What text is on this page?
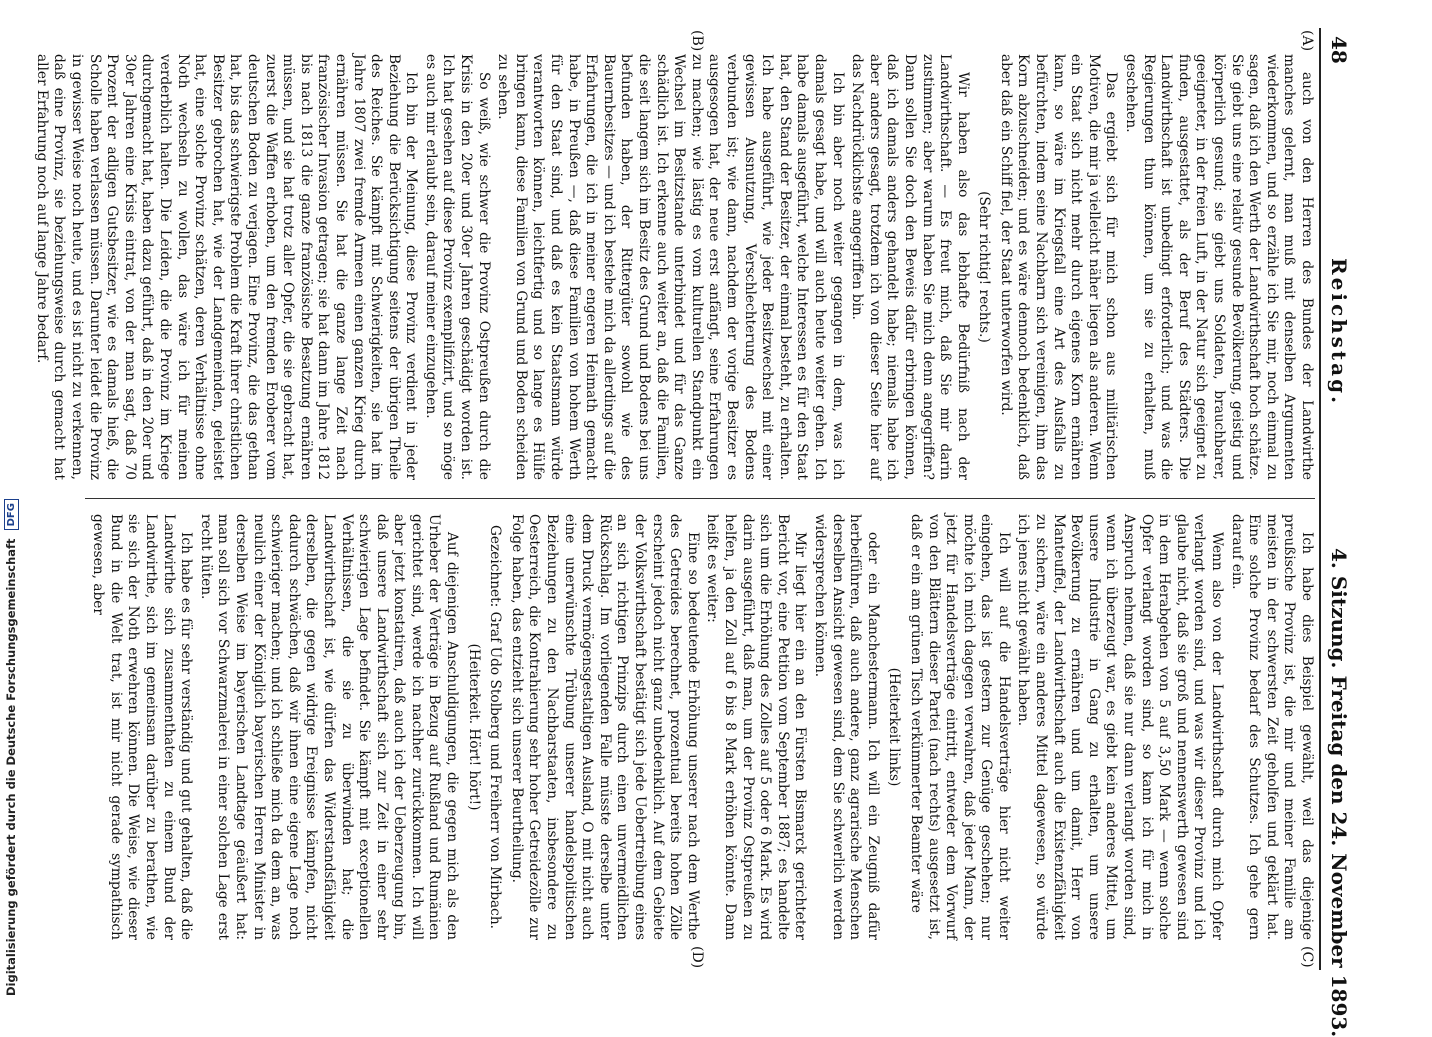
48
Reichstag.
4. Sitzung. Freitag den 24. November 1893.
(A)
(B)
(C)
(D)

auch von den Herren des Bundes der Landwirthe manches gelernt, man muß mit denselben Argumenten wiederkommen, und so erzähle ich Sie mir, noch einmal zu sagen, daß ich den Werth der Landwirthschaft hoch schätze. Sie giebt uns eine relativ gesunde Bevölkerung, geistig und körperlich gesund; sie giebt uns Soldaten, brauchbarer, geeigneter, in der freien Luft, in der Natur sich geeignet zu finden, ausgestattet, als der Beruf des Städters. Die Landwirthschaft ist unbedingt erforderlich; und was die Regierungen thun können, um sie zu erhalten, muß geschehen.

Das ergiebt sich für mich schon aus militärischen Motiven, die mir ja vielleicht näher liegen als anderen. Wenn ein Staat sich nicht mehr durch eigenes Korn ernähren kann, so wäre im Kriegsfall eine Art des Ausfalls zu befürchten, indem seine Nachbarn sich vereinigen, ihm das Korn abzuschneiden; und es wäre dennoch bedenklich, daß aber daß ein Schiff fiel, der Staat unterworfen wird.

(Sehr richtig! rechts.)

Wir haben also das lebhafte Bedürfniß nach der Landwirthschaft. — Es freut mich, daß Sie mir darin zustimmen; aber warum haben Sie mich denn angegriffen? Dann sollen Sie doch den Beweis dafür erbringen können, daß ich damals anders gehandelt habe; niemals habe ich aber anders gesagt, trotzdem ich von dieser Seite hier auf das Nachdrücklichste angegriffen bin.

Ich bin aber noch weiter gegangen in dem, was ich damals gesagt habe, und will auch heute weiter gehen. Ich habe damals ausgeführt, welche Interessen es für den Staat hat, den Stand der Besitzer, der einmal besteht, zu erhalten. Ich habe ausgeführt, wie jeder Besitzwechsel mit einer gewissen Ausnutzung, Verschlechterung des Bodens verbunden ist; wie dann, nachdem der vorige Besitzer es ausgesogen hat, der neue erst anfängt, seine Erfahrungen zu machen; wie lästig es vom kulturellen Standpunkt ein Wechsel im Besitzstande unterbindet und für das Ganze schädlich ist. Ich erkenne auch weiter an, daß die Familien, die seit langem sich im Besitz des Grund und Bodens bei uns befunden haben, der Rittergüter sowohl wie des Bauernbesitzes — und ich bestehe mich da allerdings auf die Erfahrungen, die ich in meiner engeren Heimath gemacht habe, in Preußen —, daß diese Familien von hohem Werth für den Staat sind, und daß es kein Staatsmann würde verantworten können, leichtfertig und so lange es Hülfe bringen kann, diese Familien von Grund und Boden scheiden zu sehen.

So weiß, wie schwer die Provinz Ostpreußen durch die Krisis in den 20er und 30er Jahren geschädigt worden ist. Ich hat gesehen auf diese Provinz exemplifizirt, und so möge es auch mir erlaubt sein, darauf meiner einzugehen.

Ich bin der Meinung, diese Provinz verdient in jeder Beziehung die Berücksichtigung seitens der übrigen Theile des Reiches. Sie kämpft mit Schwierigkeiten, sie hat im Jahre 1807 zwei fremde Armeen einen ganzen Krieg durch ernähren müssen. Sie hat die ganze lange Zeit nach französischer Invasion getragen; sie hat dann im Jahre 1812 bis nach 1813 die ganze französische Besatzung ernähren müssen, und sie hat trotz aller Opfer, die sie gebracht hat, zuerst die Waffen erhoben, um den fremden Eroberer vom deutschen Boden zu verjagen. Eine Provinz, die das gethan hat, bis das schwierigste Problem die Kraft ihrer christlichen Besitzer gebrochen hat, wie der Landgemeinden, geleistet hat, eine solche Provinz schätzen, deren Verhältnisse ohne Noth wechseln zu wollen, das wäre ich für meinen verderblich halten. Die Leiden, die die Provinz im Kriege durchgemacht hat, haben dazu geführt, daß in den 20er und 30er Jahren eine Krisis eintrat, von der man sagt, daß 70 Prozent der adligen Gutsbesitzer, wie es damals hieß, die Scholle haben verlassen müssen. Darunter leidet die Provinz in gewisser Weise noch heute, und es ist nicht zu verkennen, daß eine Provinz, sie beziehungsweise durch gemacht hat aller Erfahrung noch auf lange Jahre bedarf.

Ich habe dies Beispiel gewählt, weil das diejenige preußische Provinz ist, die mir und meiner Familie am meisten in der schwersten Zeit geholfen und geklärt hat. Eine solche Provinz bedarf des Schutzes. Ich gehe gern darauf ein.

Wenn also von der Landwirthschaft durch mich Opfer verlangt worden sind, und was wir dieser Provinz und ich glaube nicht, daß sie groß und nennenswerth gewesen sind in dem Herabgehen von 5 auf 3,50 Mark — wenn solche Opfer verlangt worden sind, so kann ich für mich in Anspruch nehmen, daß sie nur dann verlangt worden sind, wenn ich überzeugt war, es giebt kein anderes Mittel, um unsere Industrie in Gang zu erhalten, um unsere Bevölkerung zu ernähren und um damit, Herr von Manteuffel, der Landwirthschaft auch die Existenzfähigkeit zu sichern, wäre ein anderes Mittel dagewesen, so würde ich jenes nicht gewählt haben.

Ich will auf die Handelsverträge hier nicht weiter eingehen, das ist gestern zur Genüge geschehen; nur möchte ich mich dagegen verwahren, daß jeder Mann, der jetzt für Handelsverträge eintritt, entweder dem Vorwurf von den Blättern dieser Partei (nach rechts) ausgesetzt ist, daß er ein am grünen Tisch verkümmerter Beamter wäre

(Heiterkeit links)

oder ein Manchestermann. Ich will ein Zeugniß dafür herbeiführen, daß auch andere, ganz agrarische Menschen derselben Ansicht gewesen sind, dem Sie schwerlich werden widersprechen können.

Mir liegt hier ein an den Fürsten Bismarck gerichteter Bericht vor, eine Petition vom September 1887; es handelte sich um die Erhöhung des Zolles auf 5 oder 6 Mark. Es wird darin ausgeführt, daß man, um der Provinz Ostpreußen zu helfen, ja den Zoll auf 6 bis 8 Mark erhöhen könnte. Dann heißt es weiter:

Eine so bedeutende Erhöhung unserer nach dem Werthe des Getreides berechnet, prozentual bereits hohen Zölle erscheint jedoch nicht ganz unbedenklich. Auf dem Gebiete der Volkswirthschaft bestätigt sich jede Uebertreibung eines an sich richtigen Prinzips durch einen unvermeidlichen Rückschlag. Im vorliegenden Falle müsste derselbe unter dem Druck vermögensgestaltigen Ausland, O mit nicht auch eine unerwünschte Trübung unserer handelspolitischen Beziehungen zu den Nachbarstaaten, insbesondere zu Oesterreich, die Kontrahierung sehr hoher Getreidezölle zur Folge haben, das entzieht sich unserer Beurtheilung.

Gezeichnet: Graf Udo Stolberg und Freiherr von Mirbach.

(Heiterkeit. Hört! hört!)

Auf diejenigen Anschuldigungen, die gegen mich als den Urheber der Verträge in Bezug auf Rußland und Rumänien gerichtet sind, werde ich nachher zurückkommen. Ich will aber jetzt konstatiren, daß auch ich der Ueberzeugung bin, daß unsere Landwirthschaft sich zur Zeit in einer sehr schwierigen Lage befindet. Sie kämpft mit exceptionellen Verhältnissen, die sie zu überwinden hat; die Landwirthschaft ist, wie dürfen das Widerstandsfähigkeit derselben, die gegen widrige Ereignisse kämpfen, nicht dadurch schwächen, daß wir ihnen eine eigene Lage noch schwieriger machen; und ich schließe mich da dem an, was neulich einer der Königlich bayerischen Herren Minister in derselben Weise im bayerischen Landtage geäußert hat: man soll sich vor Schwarzmalerei in einer solchen Lage erst recht hüten.

Ich habe es für sehr verständig und gut gehalten, daß die Landwirthe sich zusammenthaten zu einem Bund der Landwirthe, sich im gemeinsam darüber zu berathen, wie sie sich der Noth erwehren können. Die Weise, wie dieser Bund in die Welt trat, ist mir nicht gerade sympathisch gewesen, aber

Digitalisierung gefördert durch die Deutsche Forschungsgemeinschaft DFG
